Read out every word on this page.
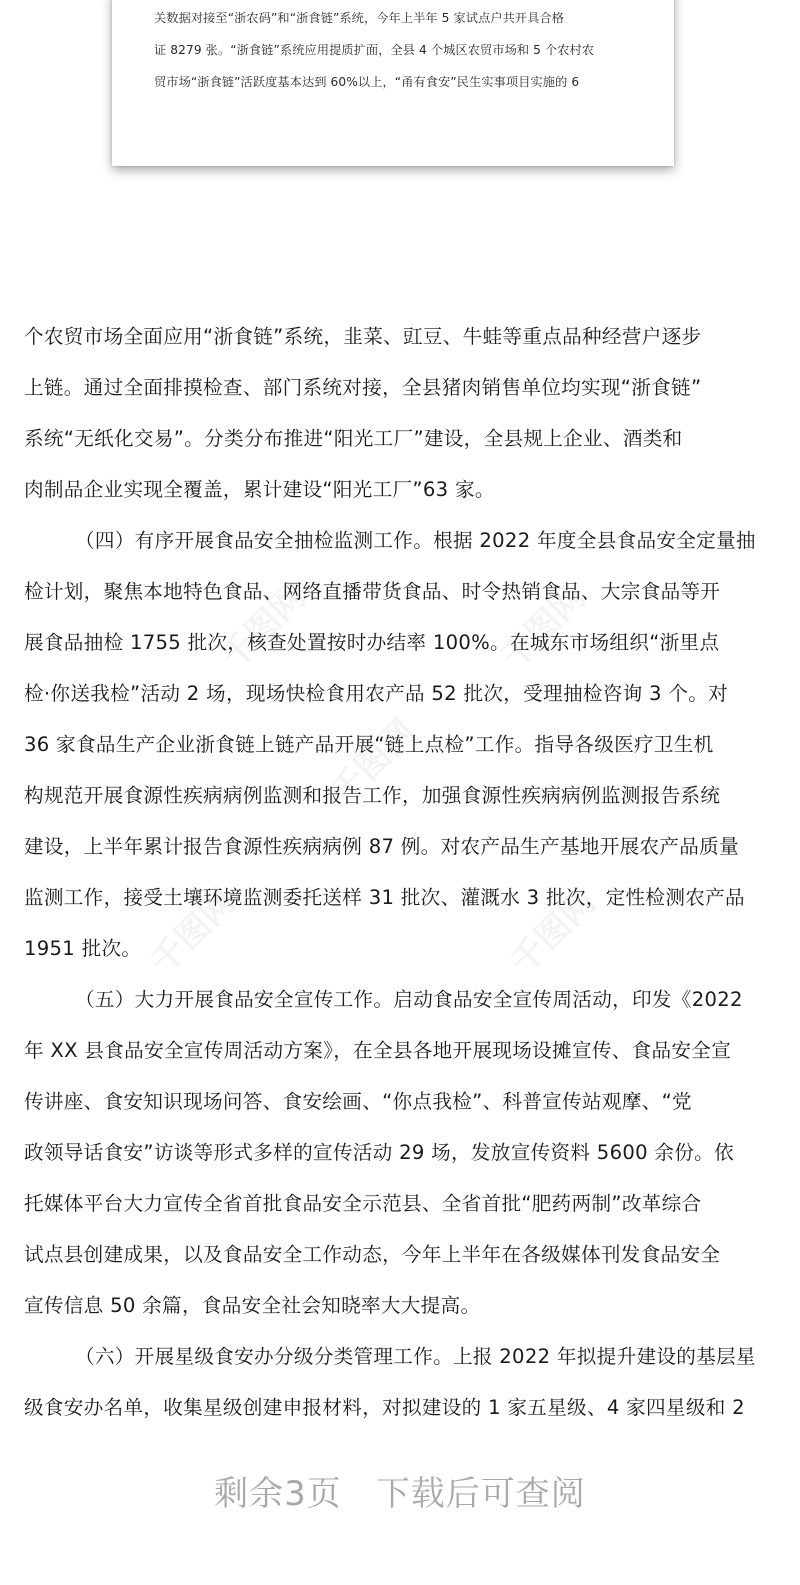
关数据对接至“浙农码”和“浙食链”系统，今年上半年 5 家试点户共开具合格
证 8279 张。“浙食链”系统应用提质扩面，全县 4 个城区农贸市场和 5 个农村农
贸市场“浙食链”活跃度基本达到 60%以上，“甬有食安”民生实事项目实施的 6
千图网	千图网
千图网
千图网	千图网
个农贸市场全面应用“浙食链”系统，韭菜、豇豆、牛蛙等重点品种经营户逐步
上链。通过全面排摸检查、部门系统对接，全县猪肉销售单位均实现“浙食链”
系统“无纸化交易”。分类分布推进“阳光工厂”建设，全县规上企业、酒类和
肉制品企业实现全覆盖，累计建设“阳光工厂”63 家。
（四）有序开展食品安全抽检监测工作。根据 2022 年度全县食品安全定量抽
检计划，聚焦本地特色食品、网络直播带货食品、时令热销食品、大宗食品等开
展食品抽检 1755 批次，核查处置按时办结率 100%。在城东市场组织“浙里点
检·你送我检”活动 2 场，现场快检食用农产品 52 批次，受理抽检咨询 3 个。对
36 家食品生产企业浙食链上链产品开展“链上点检”工作。指导各级医疗卫生机
构规范开展食源性疾病病例监测和报告工作，加强食源性疾病病例监测报告系统
建设，上半年累计报告食源性疾病病例 87 例。对农产品生产基地开展农产品质量
监测工作，接受土壤环境监测委托送样 31 批次、灌溉水 3 批次，定性检测农产品
1951 批次。
（五）大力开展食品安全宣传工作。启动食品安全宣传周活动，印发《2022
年 XX 县食品安全宣传周活动方案》，在全县各地开展现场设摊宣传、食品安全宣
传讲座、食安知识现场问答、食安绘画、“你点我检”、科普宣传站观摩、“党
政领导话食安”访谈等形式多样的宣传活动 29 场，发放宣传资料 5600 余份。依
托媒体平台大力宣传全省首批食品安全示范县、全省首批“肥药两制”改革综合
试点县创建成果，以及食品安全工作动态，今年上半年在各级媒体刊发食品安全
宣传信息 50 余篇，食品安全社会知晓率大大提高。
（六）开展星级食安办分级分类管理工作。上报 2022 年拟提升建设的基层星
级食安办名单，收集星级创建申报材料，对拟建设的 1 家五星级、4 家四星级和 2
剩余3页 下载后可查阅
